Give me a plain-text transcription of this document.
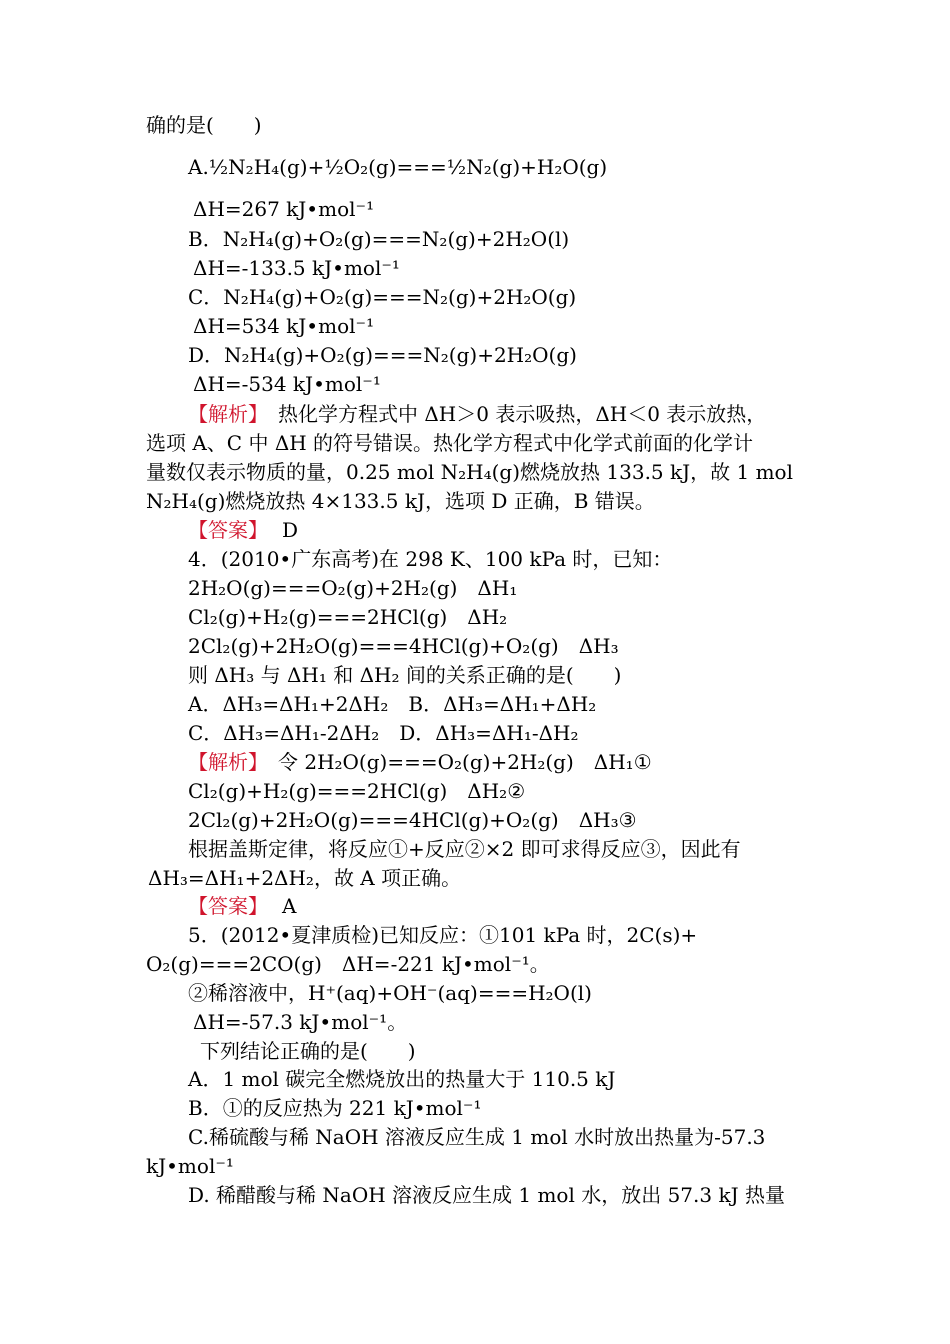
确的是(　　)
A.½N₂H₄(g)+½O₂(g)===½N₂(g)+H₂O(g)
ΔH=267 kJ•mol⁻¹
B．N₂H₄(g)+O₂(g)===N₂(g)+2H₂O(l)
ΔH=-133.5 kJ•mol⁻¹
C．N₂H₄(g)+O₂(g)===N₂(g)+2H₂O(g)
ΔH=534 kJ•mol⁻¹
D．N₂H₄(g)+O₂(g)===N₂(g)+2H₂O(g)
ΔH=-534 kJ•mol⁻¹
【解析】　热化学方程式中 ΔH＞0 表示吸热，ΔH＜0 表示放热，
选项 A、C 中 ΔH 的符号错误。热化学方程式中化学式前面的化学计
量数仅表示物质的量，0.25 mol N₂H₄(g)燃烧放热 133.5 kJ，故 1 mol
N₂H₄(g)燃烧放热 4×133.5 kJ，选项 D 正确，B 错误。
【答案】 D
4．(2010•广东高考)在 298 K、100 kPa 时，已知：
2H₂O(g)===O₂(g)+2H₂(g)　ΔH₁
Cl₂(g)+H₂(g)===2HCl(g)　ΔH₂
2Cl₂(g)+2H₂O(g)===4HCl(g)+O₂(g)　ΔH₃
则 ΔH₃ 与 ΔH₁ 和 ΔH₂ 间的关系正确的是(　　)
A．ΔH₃=ΔH₁+2ΔH₂　B．ΔH₃=ΔH₁+ΔH₂
C．ΔH₃=ΔH₁-2ΔH₂　D．ΔH₃=ΔH₁-ΔH₂
【解析】　令 2H₂O(g)===O₂(g)+2H₂(g)　ΔH₁①
Cl₂(g)+H₂(g)===2HCl(g)　ΔH₂②
2Cl₂(g)+2H₂O(g)===4HCl(g)+O₂(g)　ΔH₃③
根据盖斯定律，将反应①+反应②×2 即可求得反应③，因此有
ΔH₃=ΔH₁+2ΔH₂，故 A 项正确。
【答案】 A
5．(2012•夏津质检)已知反应：①101 kPa 时，2C(s)+
O₂(g)===2CO(g)　ΔH=-221 kJ•mol⁻¹。
②稀溶液中，H⁺(aq)+OH⁻(aq)===H₂O(l)
ΔH=-57.3 kJ•mol⁻¹。
下列结论正确的是(　　)
A．1 mol 碳完全燃烧放出的热量大于 110.5 kJ
B．①的反应热为 221 kJ•mol⁻¹
C.稀硫酸与稀 NaOH 溶液反应生成 1 mol 水时放出热量为-57.3
kJ•mol⁻¹
D. 稀醋酸与稀 NaOH 溶液反应生成 1 mol 水，放出 57.3 kJ 热量
